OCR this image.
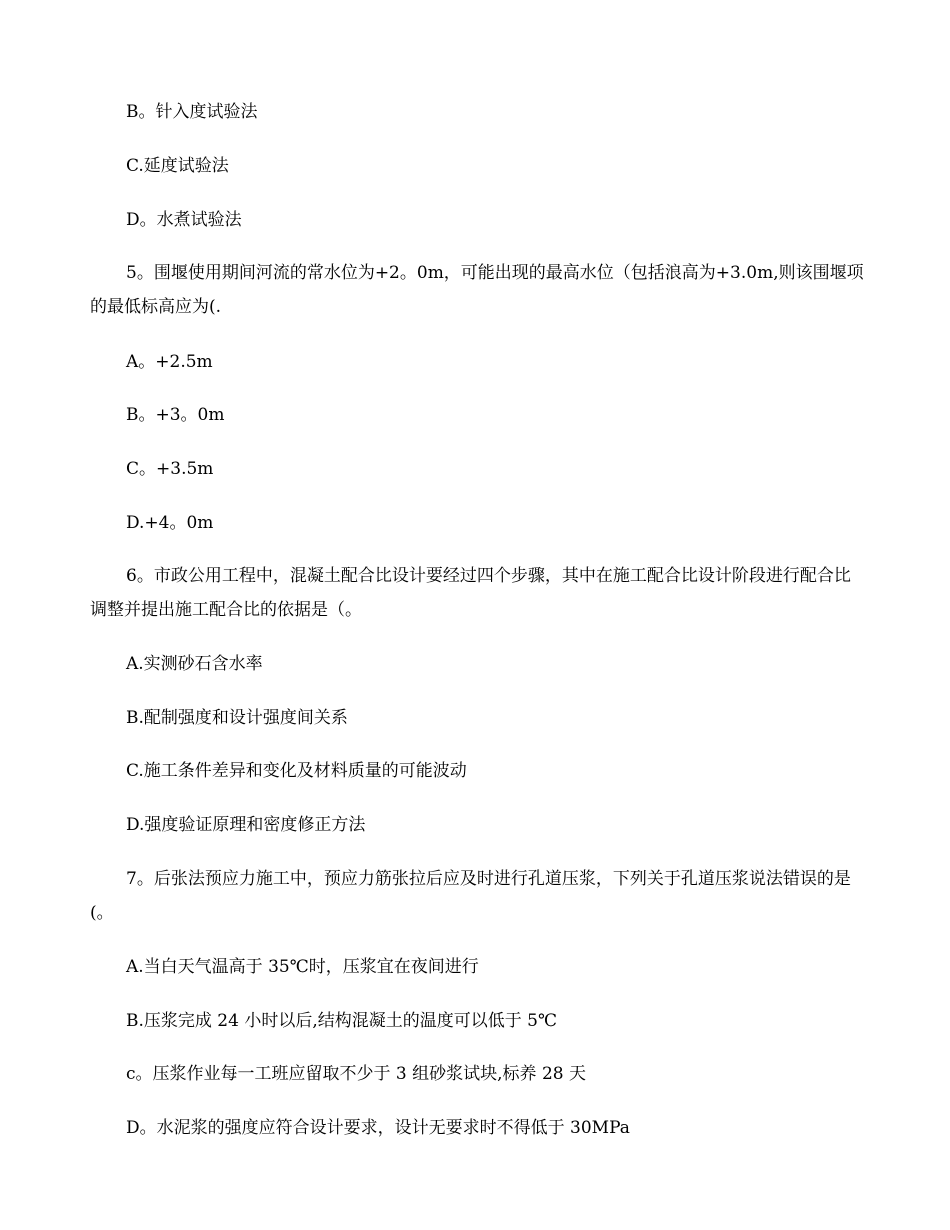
B。针入度试验法
C.延度试验法
D。水煮试验法

5。围堰使用期间河流的常水位为+2。0m，可能出现的最高水位（包括浪高为+3.0m,则该围堰项的最低标高应为(.

A。+2.5m
B。+3。0m
C。+3.5m
D.+4。0m

6。市政公用工程中，混凝土配合比设计要经过四个步骤，其中在施工配合比设计阶段进行配合比调整并提出施工配合比的依据是（。

A.实测砂石含水率
B.配制强度和设计强度间关系
C.施工条件差异和变化及材料质量的可能波动
D.强度验证原理和密度修正方法

7。后张法预应力施工中，预应力筋张拉后应及时进行孔道压浆，下列关于孔道压浆说法错误的是(。

A.当白天气温高于 35℃时，压浆宜在夜间进行
B.压浆完成 24 小时以后,结构混凝土的温度可以低于 5℃
c。压浆作业每一工班应留取不少于 3 组砂浆试块,标养 28 天
D。水泥浆的强度应符合设计要求，设计无要求时不得低于 30MPa
